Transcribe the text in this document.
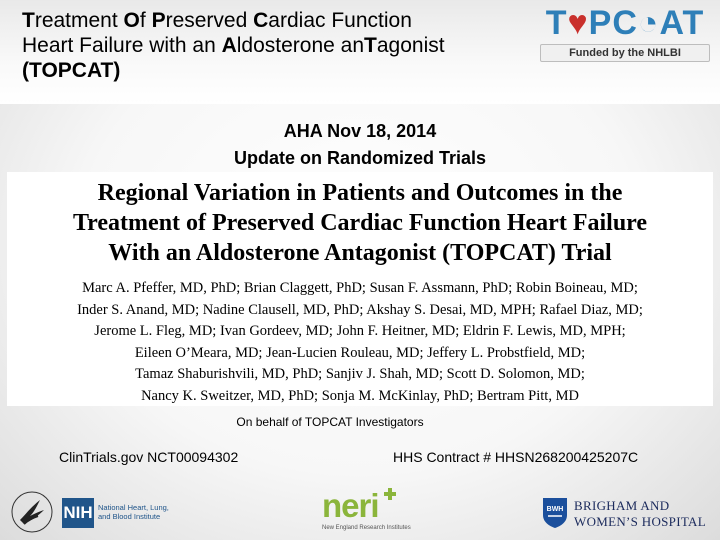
Treatment Of Preserved Cardiac Function
Heart Failure with an Aldosterone anTagonist
(TOPCAT)
T♥PC◔AT
Funded by the NHLBI
AHA Nov 18, 2014
Update on Randomized Trials
Regional Variation in Patients and Outcomes in the
Treatment of Preserved Cardiac Function Heart Failure
With an Aldosterone Antagonist (TOPCAT) Trial
Marc A. Pfeffer, MD, PhD; Brian Claggett, PhD; Susan F. Assmann, PhD; Robin Boineau, MD;
Inder S. Anand, MD; Nadine Clausell, MD, PhD; Akshay S. Desai, MD, MPH; Rafael Diaz, MD;
Jerome L. Fleg, MD; Ivan Gordeev, MD; John F. Heitner, MD; Eldrin F. Lewis, MD, MPH;
Eileen O’Meara, MD; Jean-Lucien Rouleau, MD; Jeffery L. Probstfield, MD;
Tamaz Shaburishvili, MD, PhD; Sanjiv J. Shah, MD; Scott D. Solomon, MD;
Nancy K. Sweitzer, MD, PhD; Sonja M. McKinlay, PhD; Bertram Pitt, MD
On behalf of TOPCAT Investigators
ClinTrials.gov NCT00094302	HHS Contract # HHSN268200425207C
NIH National Heart, Lung,
and Blood Institute	neri
New England Research Institutes
BWH BRIGHAM AND
WOMEN’S HOSPITAL
